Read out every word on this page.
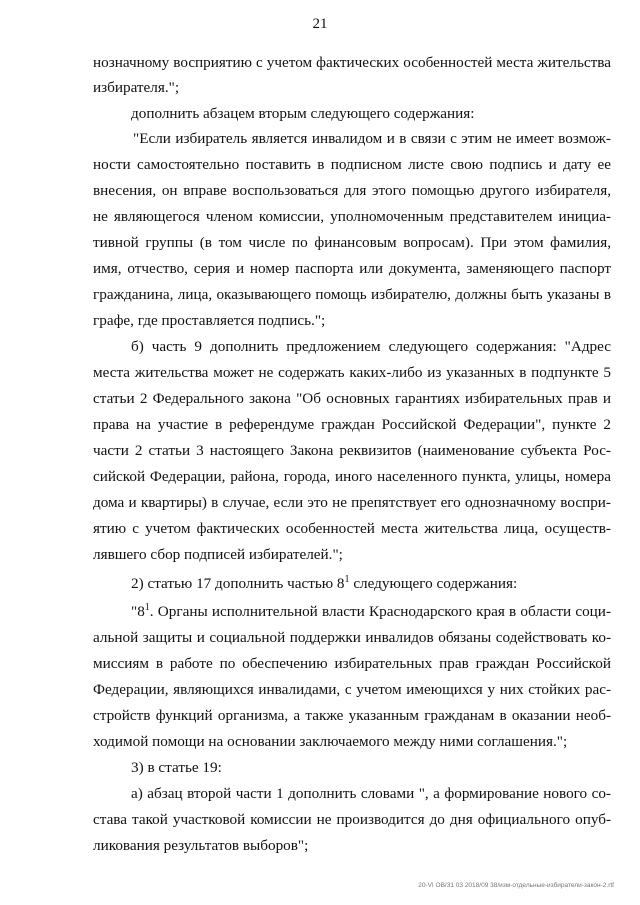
21
нозначному восприятию с учетом фактических особенностей места жительства
избирателя.";
дополнить абзацем вторым следующего содержания:
"Если избиратель является инвалидом и в связи с этим не имеет возмож-
ности самостоятельно поставить в подписном листе свою подпись и дату ее
внесения, он вправе воспользоваться для этого помощью другого избирателя,
не являющегося членом комиссии, уполномоченным представителем инициа-
тивной группы (в том числе по финансовым вопросам). При этом фамилия,
имя, отчество, серия и номер паспорта или документа, заменяющего паспорт
гражданина, лица, оказывающего помощь избирателю, должны быть указаны в
графе, где проставляется подпись.";
б) часть 9 дополнить предложением следующего содержания: "Адрес
места жительства может не содержать каких-либо из указанных в подпункте 5
статьи 2 Федерального закона "Об основных гарантиях избирательных прав и
права на участие в референдуме граждан Российской Федерации", пункте 2
части 2 статьи 3 настоящего Закона реквизитов (наименование субъекта Рос-
сийской Федерации, района, города, иного населенного пункта, улицы, номера
дома и квартиры) в случае, если это не препятствует его однозначному воспри-
ятию с учетом фактических особенностей места жительства лица, осуществ-
лявшего сбор подписей избирателей.";
2) статью 17 дополнить частью $8^1$ следующего содержания:
"$8^1$. Органы исполнительной власти Краснодарского края в области соци-
альной защиты и социальной поддержки инвалидов обязаны содействовать ко-
миссиям в работе по обеспечению избирательных прав граждан Российской
Федерации, являющихся инвалидами, с учетом имеющихся у них стойких рас-
стройств функций организма, а также указанным гражданам в оказании необ-
ходимой помощи на основании заключаемого между ними соглашения.";
3) в статье 19:
а) абзац второй части 1 дополнить словами ", а формирование нового со-
става такой участковой комиссии не производится до дня официального опуб-
ликования результатов выборов";
20-VI OB/31 03 2018/09 38/изм-отдельные-избиратели-закон-2.rtf
